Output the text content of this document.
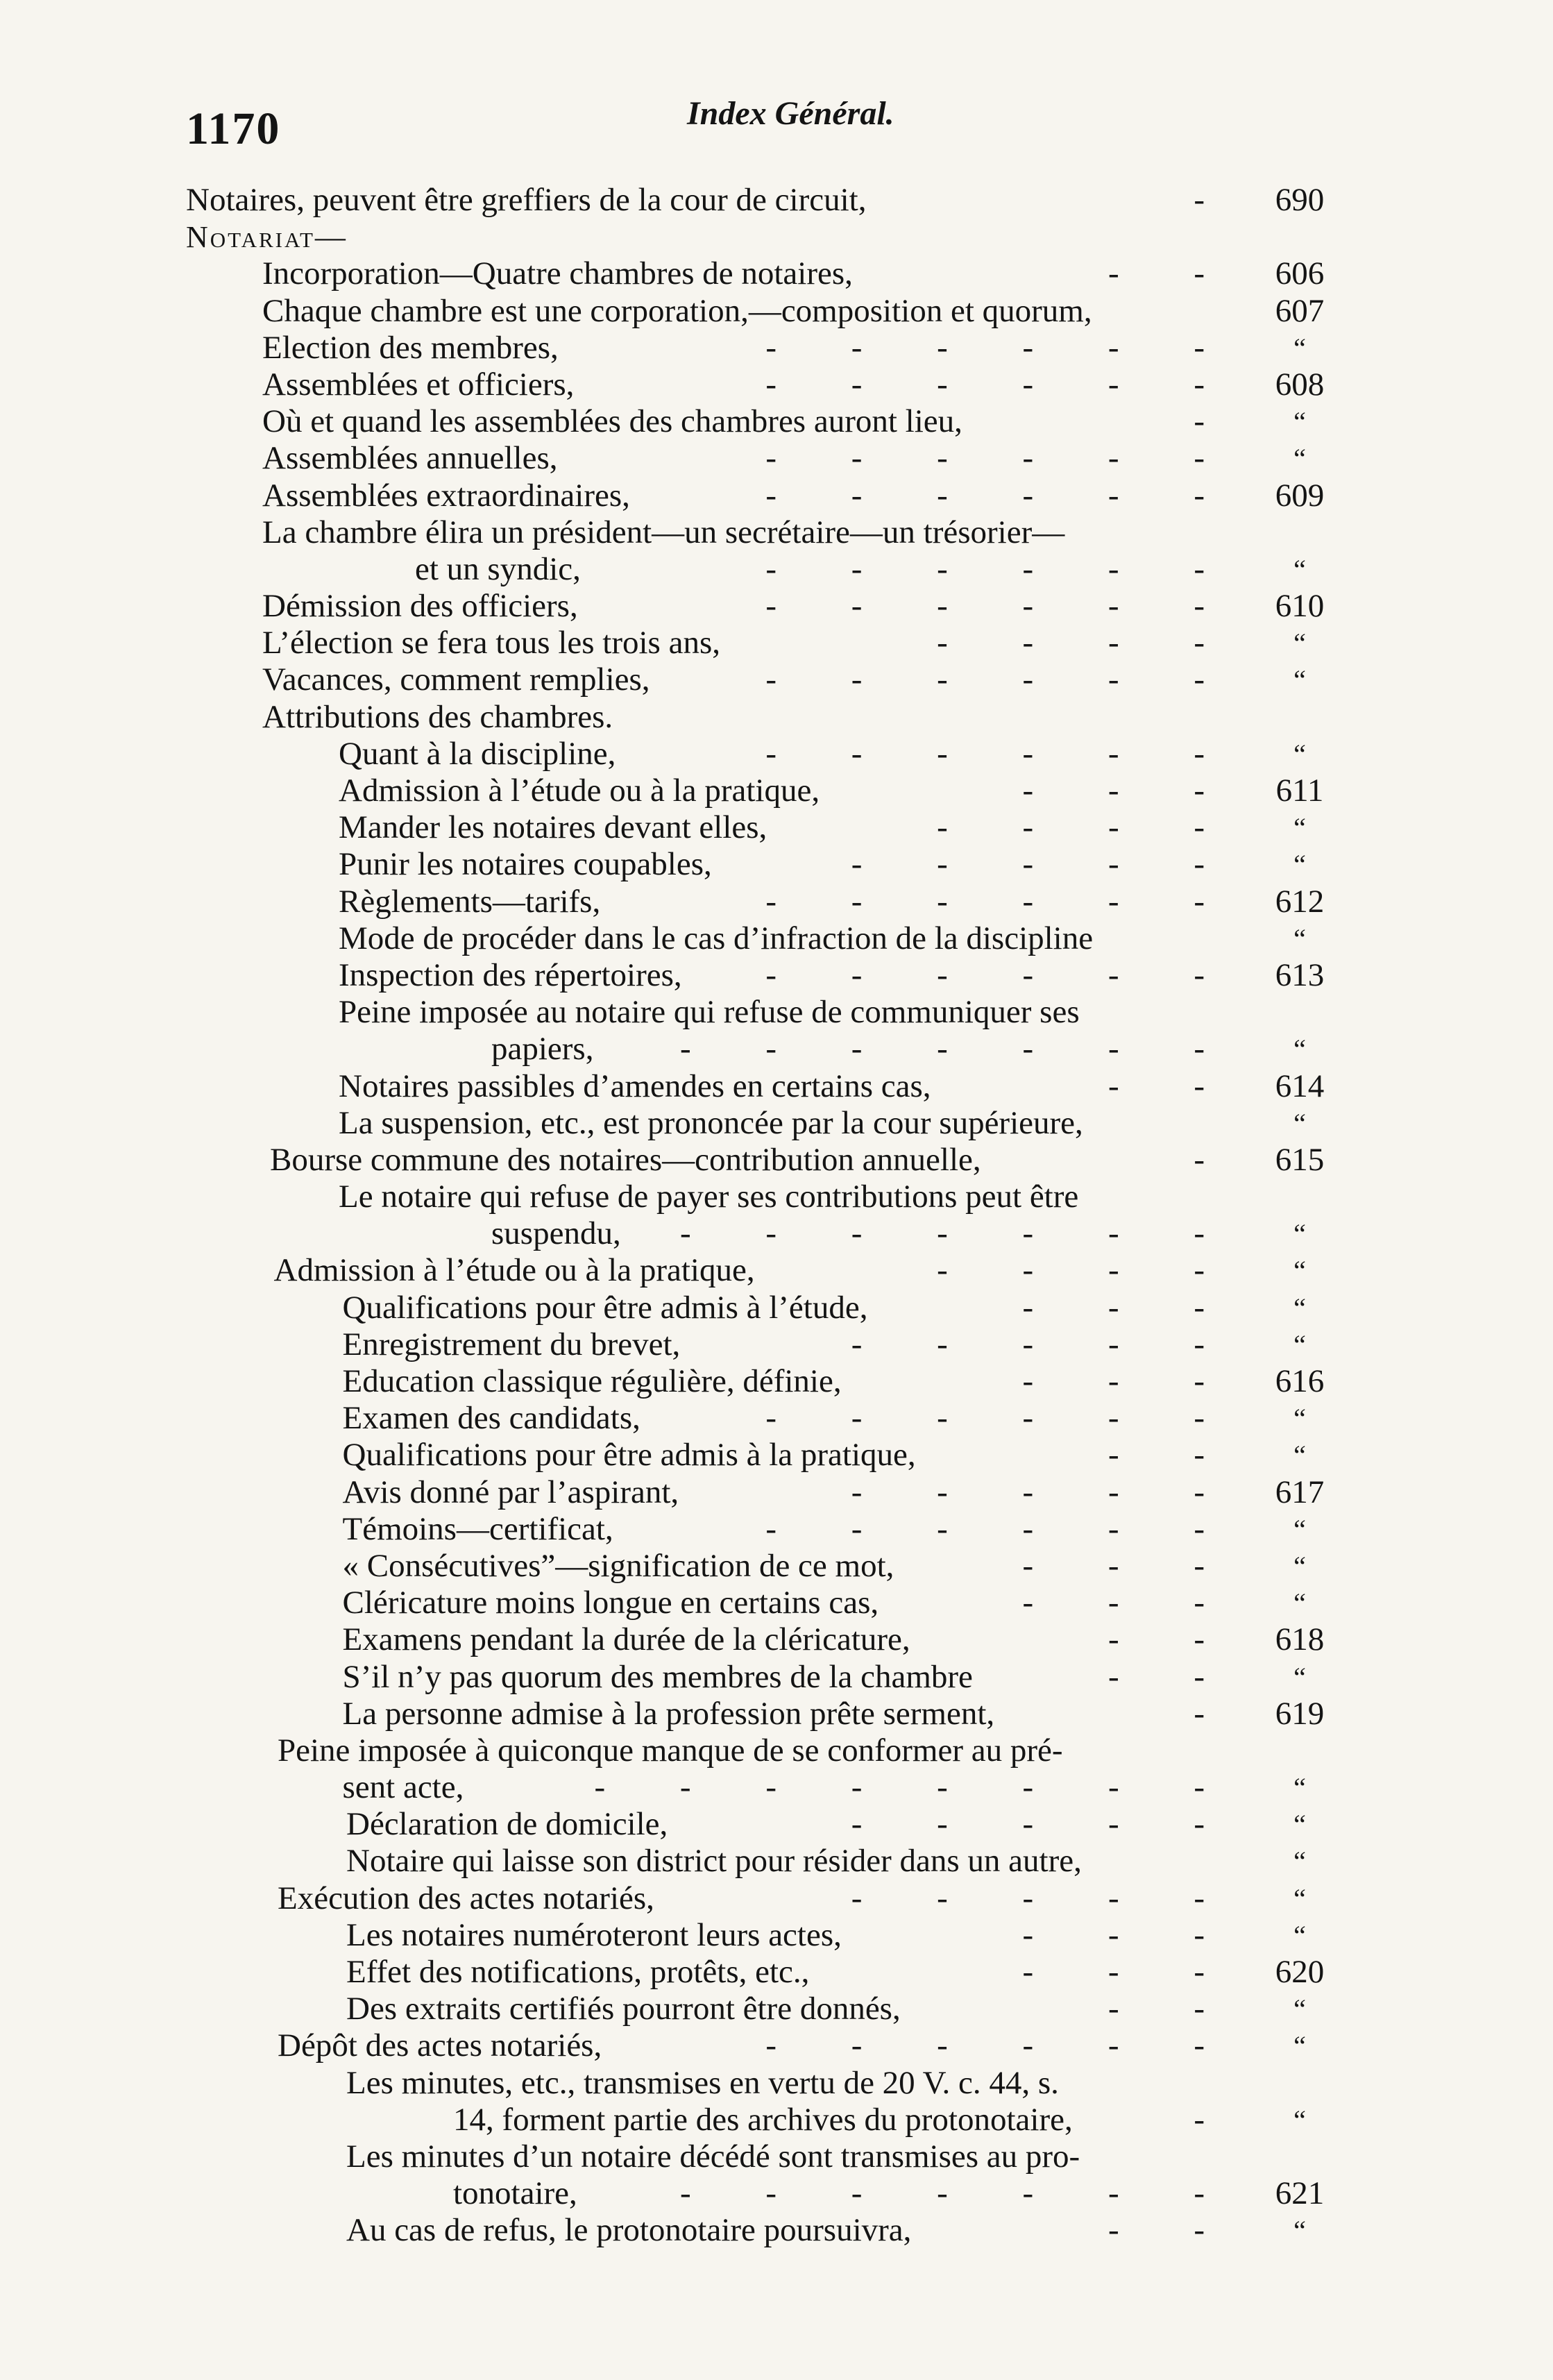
1170	Index Général.
Notaires, peuvent être greffiers de la cour de circuit,	-	690
Notariat—
Incorporation—Quatre chambres de notaires,	- -	606
Chaque chambre est une corporation,—composition et quorum,	607
Election des membres,	- - - - - -	“
Assemblées et officiers,	- - - - - -	608
Où et quand les assemblées des chambres auront lieu,	-	“
Assemblées annuelles,	- - - - - -	“
Assemblées extraordinaires,	- - - - - -	609
La chambre élira un président—un secrétaire—un trésorier—
et un syndic,	- - - - - -	“
Démission des officiers,	- - - - - -	610
L’élection se fera tous les trois ans,	- - - -	“
Vacances, comment remplies,	- - - - - -	“
Attributions des chambres.
Quant à la discipline,	- - - - - -	“
Admission à l’étude ou à la pratique,	- - -	611
Mander les notaires devant elles,	- - - -	“
Punir les notaires coupables,	- - - - -	“
Règlements—tarifs,	- - - - - -	612
Mode de procéder dans le cas d’infraction de la discipline	“
Inspection des répertoires,	- - - - - -	613
Peine imposée au notaire qui refuse de communiquer ses
papiers,	- - - - - - -	“
Notaires passibles d’amendes en certains cas,	- -	614
La suspension, etc., est prononcée par la cour supérieure,	“
Bourse commune des notaires—contribution annuelle,	-	615
Le notaire qui refuse de payer ses contributions peut être
suspendu, - - - - - - -	“
Admission à l’étude ou à la pratique,	- - - -	“
Qualifications pour être admis à l’étude,	- - -	“
Enregistrement du brevet,	- - - - -	“
Education classique régulière, définie,	- - -	616
Examen des candidats,	- - - - - -	“
Qualifications pour être admis à la pratique,	- -	“
Avis donné par l’aspirant,	- - - - -	617
Témoins—certificat,	- - - - - -	“
« Consécutives”—signification de ce mot,	- - -	“
Cléricature moins longue en certains cas,	- - -	“
Examens pendant la durée de la cléricature,	- -	618
S’il n’y pas quorum des membres de la chambre	- -	“
La personne admise à la profession prête serment,	-	619
Peine imposée à quiconque manque de se conformer au pré-
sent acte,	- - - - - - - -	“
Déclaration de domicile,	- - - - -	“
Notaire qui laisse son district pour résider dans un autre,	“
Exécution des actes notariés,	- - - - -	“
Les notaires numéroteront leurs actes,	- - -	“
Effet des notifications, protêts, etc.,	- - -	620
Des extraits certifiés pourront être donnés,	- -	“
Dépôt des actes notariés,	- - - - - -	“
Les minutes, etc., transmises en vertu de 20 V. c. 44, s.
14, forment partie des archives du protonotaire,	-	“
Les minutes d’un notaire décédé sont transmises au pro-
tonotaire,	- - - - - - -	621
Au cas de refus, le protonotaire poursuivra,	- -	“
